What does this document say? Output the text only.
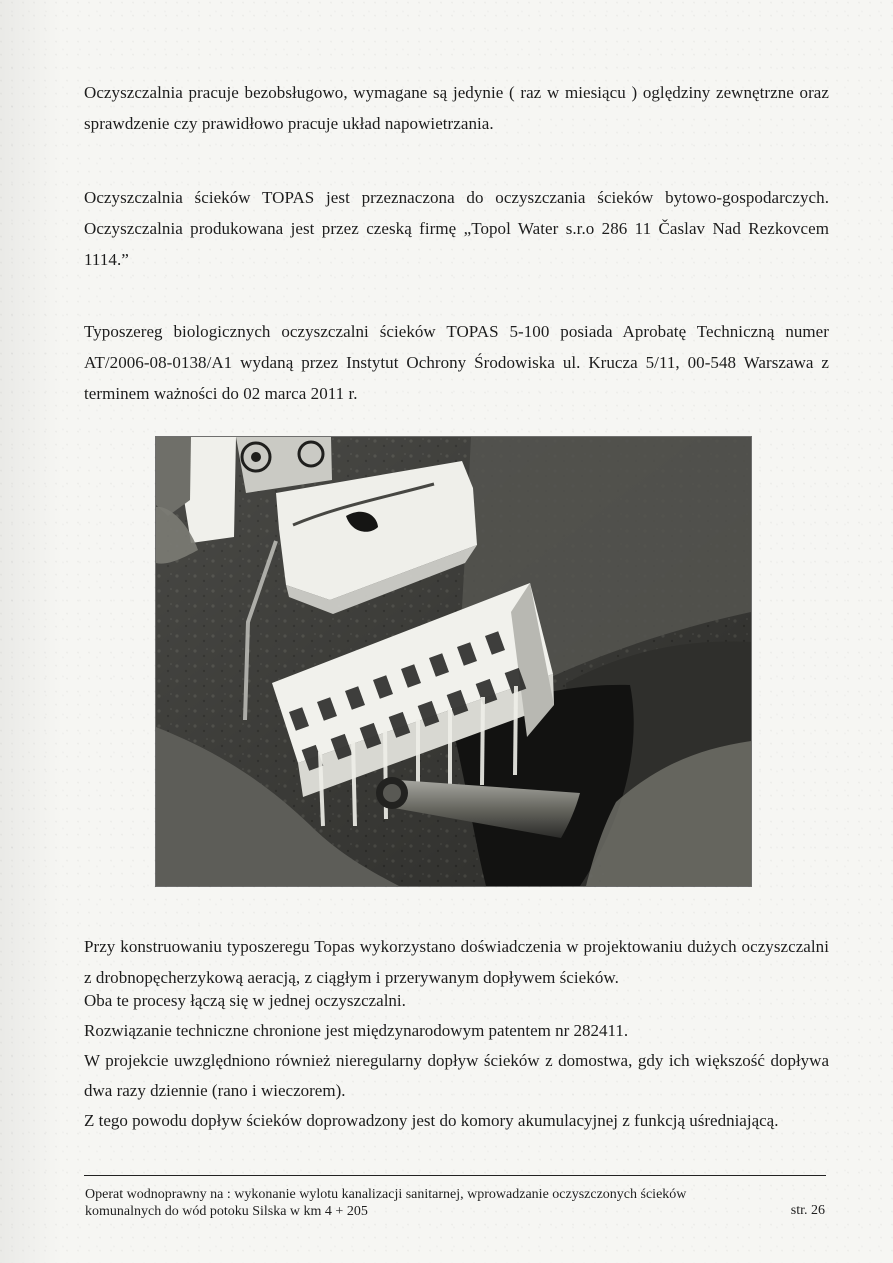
Oczyszczalnia pracuje bezobsługowo, wymagane są jedynie ( raz w miesiącu ) oględziny zewnętrzne oraz sprawdzenie czy prawidłowo pracuje układ napowietrzania.

Oczyszczalnia ścieków TOPAS jest przeznaczona do oczyszczania ścieków bytowo-gospodarczych. Oczyszczalnia produkowana jest przez czeską firmę „Topol Water s.r.o 286 11 Časlav Nad Rezkovcem 1114.”

Typoszereg biologicznych oczyszczalni ścieków TOPAS 5-100 posiada Aprobatę Techniczną numer AT/2006-08-0138/A1 wydaną przez Instytut Ochrony Środowiska ul. Krucza 5/11, 00-548 Warszawa z terminem ważności do 02 marca 2011 r.

Przy konstruowaniu typoszeregu Topas wykorzystano doświadczenia w projektowaniu dużych oczyszczalni z drobnopęcherzykową aeracją, z ciągłym i przerywanym dopływem ścieków.

Oba te procesy łączą się w jednej oczyszczalni.

Rozwiązanie techniczne chronione jest międzynarodowym patentem nr 282411.

W projekcie uwzględniono również nieregularny dopływ ścieków z domostwa, gdy ich większość dopływa dwa razy dziennie (rano i wieczorem).

Z tego powodu dopływ ścieków doprowadzony jest do komory akumulacyjnej z funkcją uśredniającą.

Operat wodnoprawny na : wykonanie wylotu kanalizacji sanitarnej, wprowadzanie oczyszczonych ścieków
komunalnych do wód potoku Silska w km 4 + 205	str. 26
